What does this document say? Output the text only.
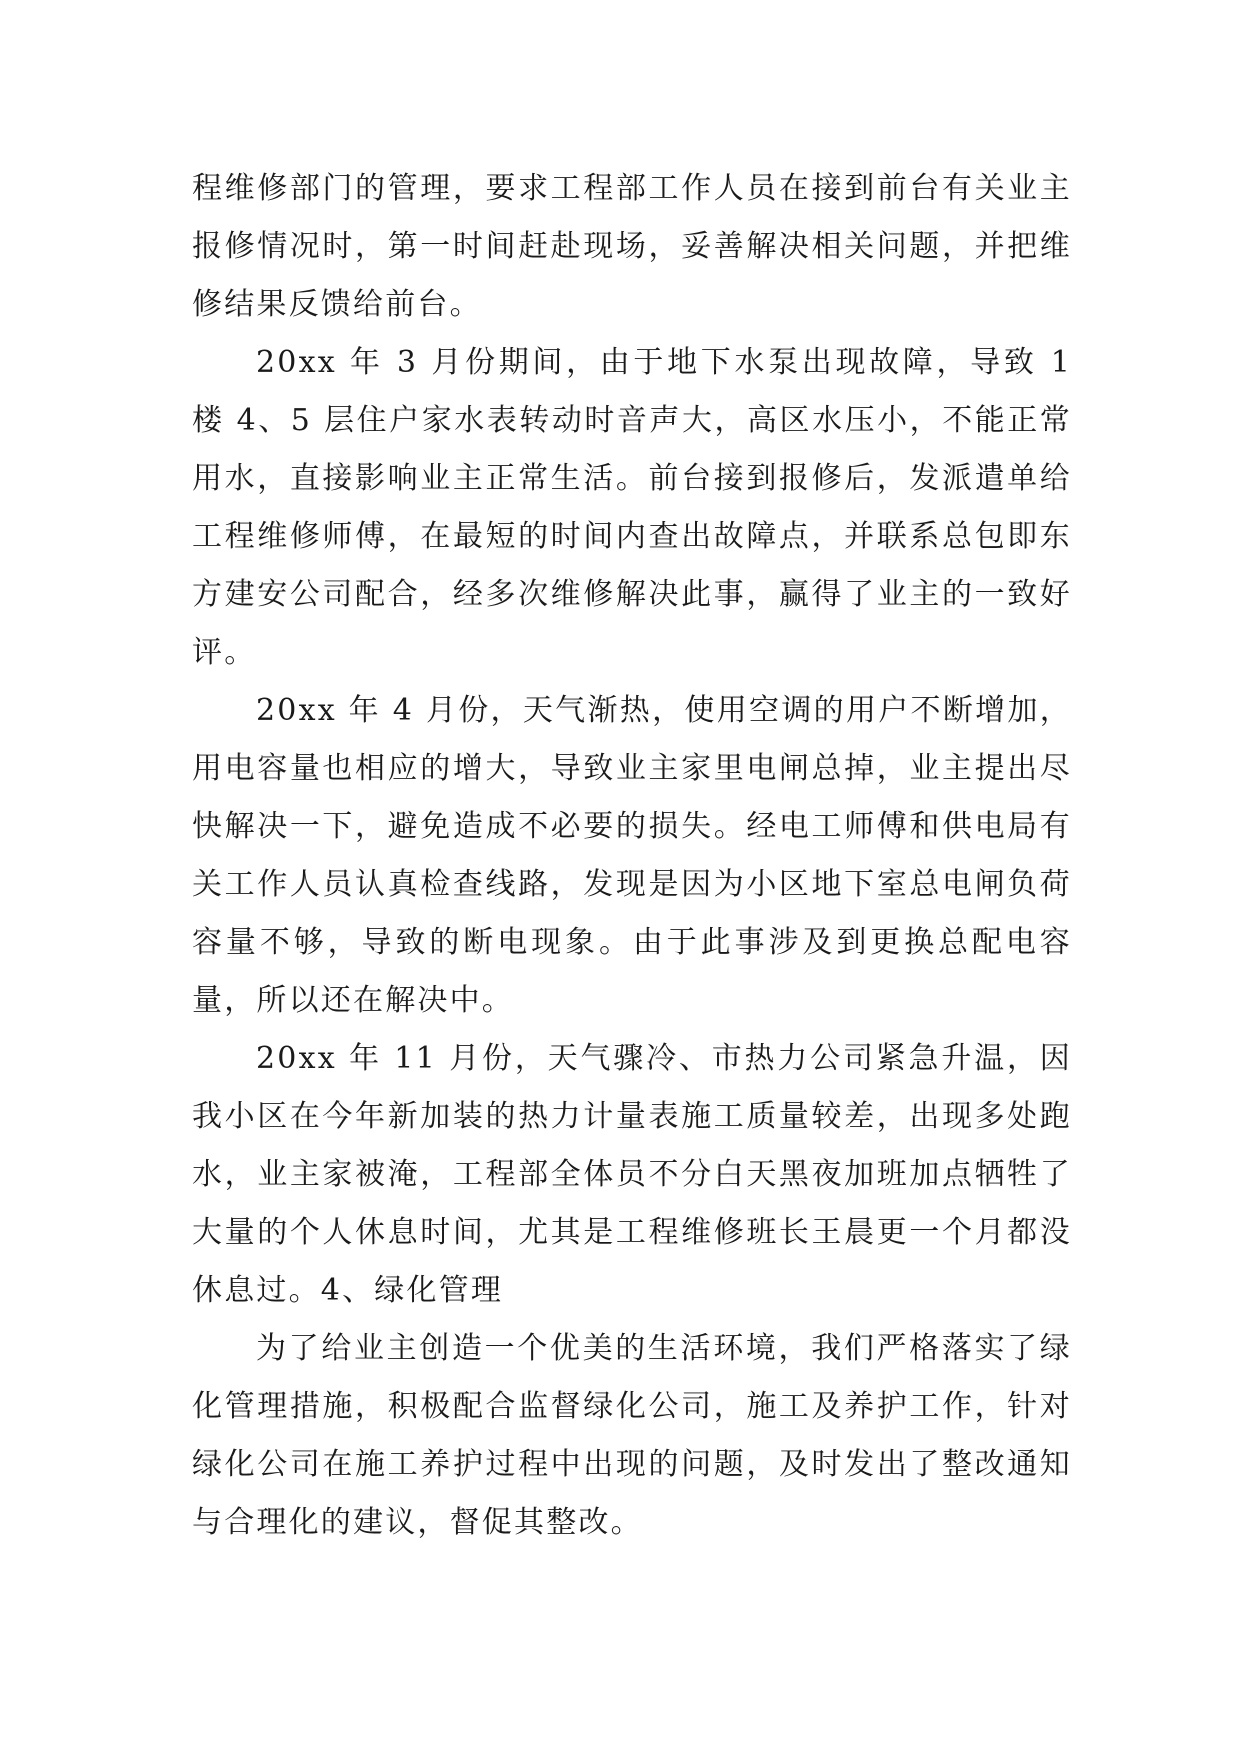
程维修部门的管理，要求工程部工作人员在接到前台有关业主报修情况时，第一时间赶赴现场，妥善解决相关问题，并把维修结果反馈给前台。

20xx 年 3 月份期间，由于地下水泵出现故障，导致 1 楼 4、5 层住户家水表转动时音声大，高区水压小，不能正常用水，直接影响业主正常生活。前台接到报修后，发派遣单给工程维修师傅，在最短的时间内查出故障点，并联系总包即东方建安公司配合，经多次维修解决此事，赢得了业主的一致好评。

20xx 年 4 月份，天气渐热，使用空调的用户不断增加，用电容量也相应的增大，导致业主家里电闸总掉，业主提出尽快解决一下，避免造成不必要的损失。经电工师傅和供电局有关工作人员认真检查线路，发现是因为小区地下室总电闸负荷容量不够，导致的断电现象。由于此事涉及到更换总配电容量，所以还在解决中。

20xx 年 11 月份，天气骤冷、市热力公司紧急升温，因我小区在今年新加装的热力计量表施工质量较差，出现多处跑水，业主家被淹，工程部全体员不分白天黑夜加班加点牺牲了大量的个人休息时间，尤其是工程维修班长王晨更一个月都没休息过。4、绿化管理

为了给业主创造一个优美的生活环境，我们严格落实了绿化管理措施，积极配合监督绿化公司，施工及养护工作，针对绿化公司在施工养护过程中出现的问题，及时发出了整改通知与合理化的建议，督促其整改。
